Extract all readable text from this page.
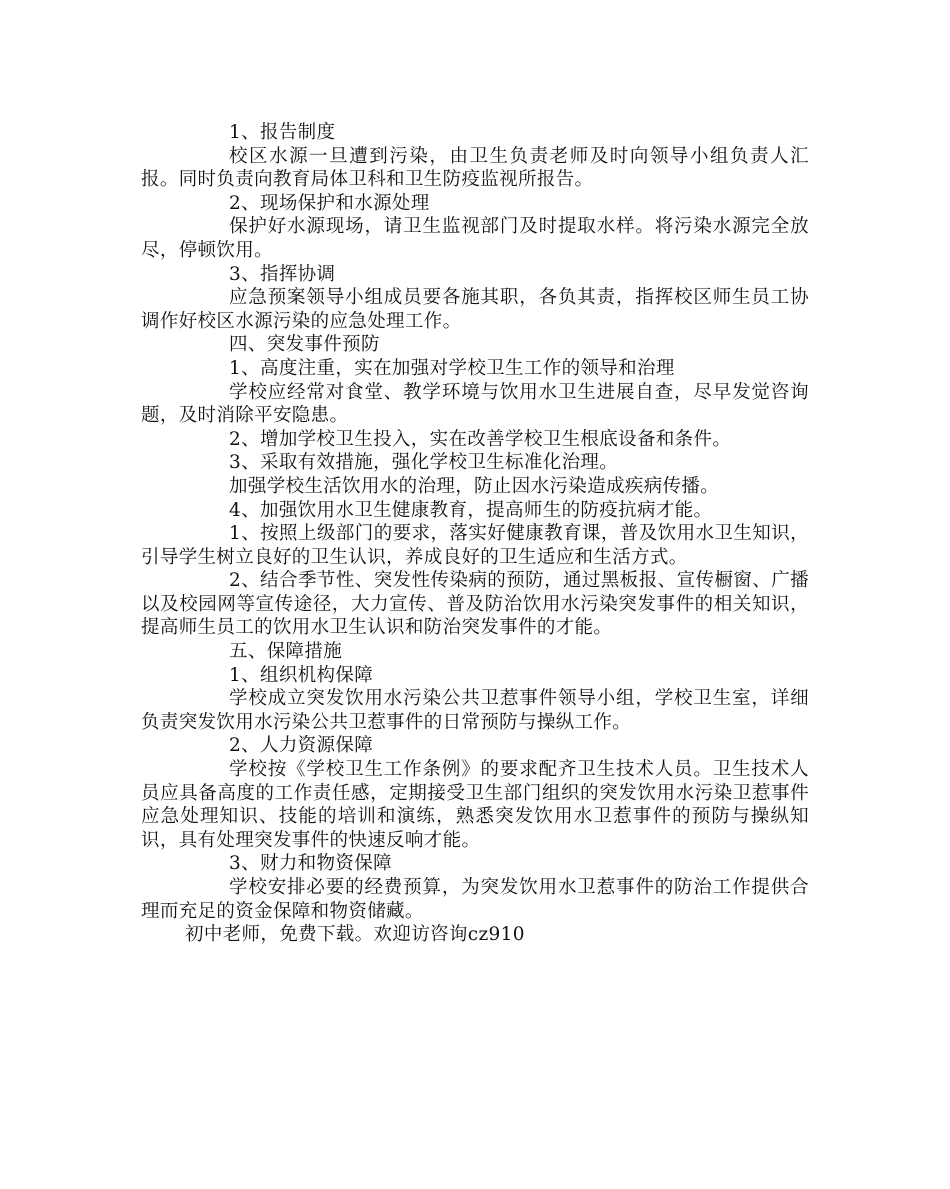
1、报告制度

校区水源一旦遭到污染，由卫生负责老师及时向领导小组负责人汇报。同时负责向教育局体卫科和卫生防疫监视所报告。

2、现场保护和水源处理

保护好水源现场，请卫生监视部门及时提取水样。将污染水源完全放尽，停顿饮用。

3、指挥协调

应急预案领导小组成员要各施其职，各负其责，指挥校区师生员工协调作好校区水源污染的应急处理工作。

四、突发事件预防

1、高度注重，实在加强对学校卫生工作的领导和治理

学校应经常对食堂、教学环境与饮用水卫生进展自查，尽早发觉咨询题，及时消除平安隐患。

2、增加学校卫生投入，实在改善学校卫生根底设备和条件。

3、采取有效措施，强化学校卫生标准化治理。

加强学校生活饮用水的治理，防止因水污染造成疾病传播。

4、加强饮用水卫生健康教育，提高师生的防疫抗病才能。

1、按照上级部门的要求，落实好健康教育课，普及饮用水卫生知识，引导学生树立良好的卫生认识，养成良好的卫生适应和生活方式。

2、结合季节性、突发性传染病的预防，通过黑板报、宣传橱窗、广播以及校园网等宣传途径，大力宣传、普及防治饮用水污染突发事件的相关知识，提高师生员工的饮用水卫生认识和防治突发事件的才能。

五、保障措施

1、组织机构保障

学校成立突发饮用水污染公共卫惹事件领导小组，学校卫生室，详细负责突发饮用水污染公共卫惹事件的日常预防与操纵工作。

2、人力资源保障

学校按《学校卫生工作条例》的要求配齐卫生技术人员。卫生技术人员应具备高度的工作责任感，定期接受卫生部门组织的突发饮用水污染卫惹事件应急处理知识、技能的培训和演练，熟悉突发饮用水卫惹事件的预防与操纵知识，具有处理突发事件的快速反响才能。

3、财力和物资保障

学校安排必要的经费预算，为突发饮用水卫惹事件的防治工作提供合理而充足的资金保障和物资储藏。

初中老师，免费下载。欢迎访咨询cz910
